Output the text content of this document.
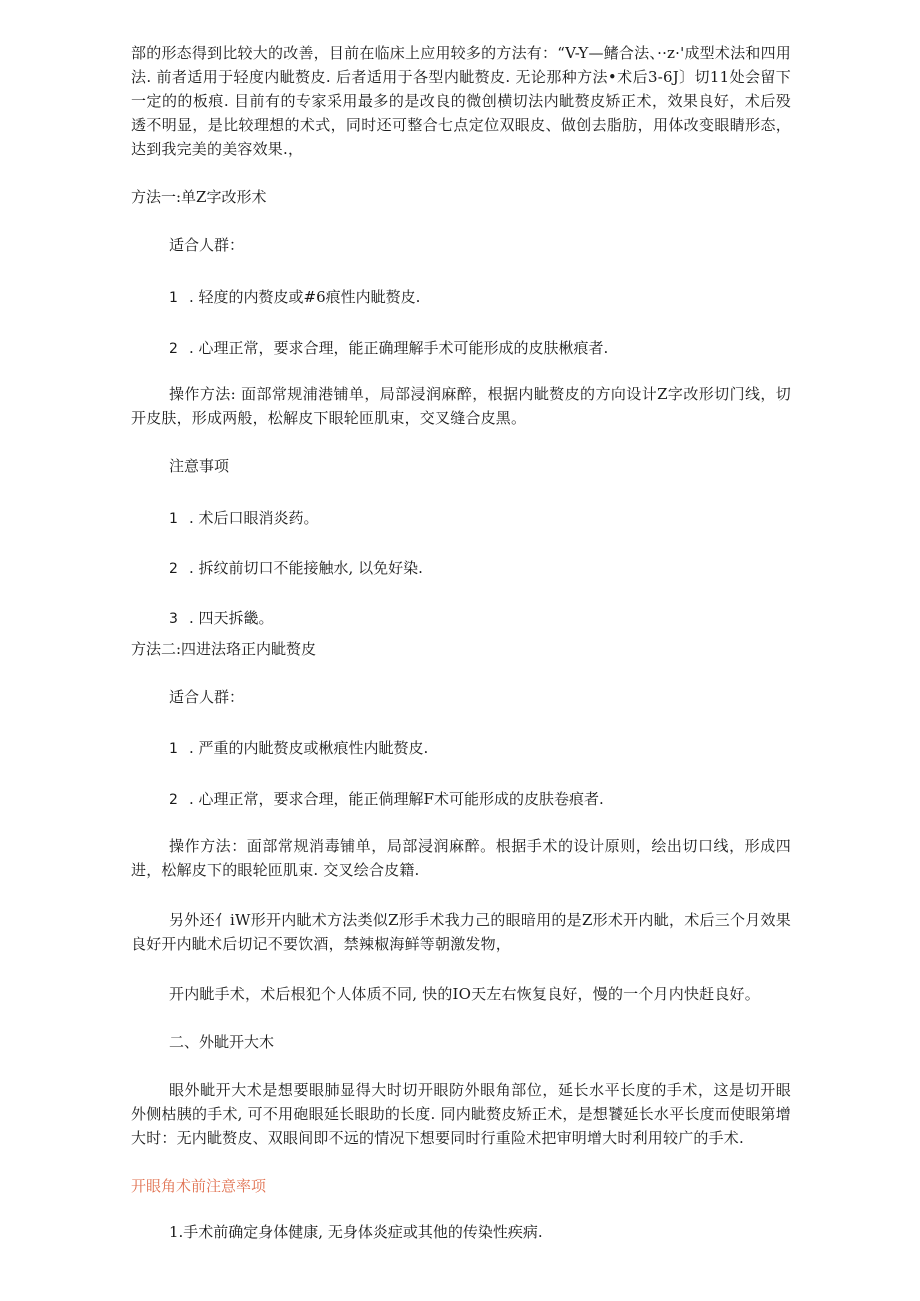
部的形态得到比较大的改善，目前在临床上应用较多的方法有：“V-Y—鳍合法、··z·'成型术法和四用法. 前者适用于轻度内眦赘皮. 后者适用于各型内眦赘皮. 无论那种方法•术后3-6J〕切11处会留下一定的的板痕. 目前有的专家采用最多的是改良的微创横切法内眦赘皮矫正术，效果良好，术后殁透不明显，是比较理想的术式，同时还可整合七点定位双眼皮、做创去脂肪，用体改变眼睛形态，达到我完美的美容效果.，

方法一:单Z字改形术

适合人群：

1 . 轻度的内赘皮或#6痕性内眦赘皮.

2 . 心理正常，要求合理，能正确理解手术可能形成的皮肤楸痕者.

操作方法: 面部常规浦港铺单，局部浸润麻醉，根据内眦赘皮的方向设计Z字改形切门线，切开皮肤，形成两般，松解皮下眼轮匝肌束，交叉缝合皮黑。

注意事项

1 . 术后口眼消炎药。

2 . 拆纹前切口不能接触水, 以免好染.

3 . 四天拆畿。

方法二:四进法珞正内眦赘皮

适合人群：

1 . 严重的内眦赘皮或楸痕性内眦赘皮.

2 . 心理正常，要求合理，能正倘理解F术可能形成的皮肤卷痕者.

操作方法：面部常规消毒铺单，局部浸润麻醉。根据手术的设计原则，绘出切口线，形成四进，松解皮下的眼轮匝肌束. 交叉绘合皮籍.

另外还亻iW形开内眦术方法类似Z形手术我力己的眼暗用的是Z形术开内眦，术后三个月效果良好开内眦术后切记不要饮酒，禁辣椒海鲜等朝激发物，

开内眦手术，术后根犯个人体质不同, 快的IO天左右恢复良好，慢的一个月内快赶良好。

二、外眦开大木

眼外眦开大术是想要眼肺显得大时切开眼防外眼角部位，延长水平长度的手术，这是切开眼外侧枯胰的手术, 可不用砲眼延长眼助的长度. 同内眦赘皮矫正术，是想饕延长水平长度而使眼第增大时：无内眦赘皮、双眼间即不远的情况下想要同时行重险术把审明增大时利用较广的手术.

开眼角术前注意率项

1.手术前确定身体健康, 无身体炎症或其他的传染性疾病.
